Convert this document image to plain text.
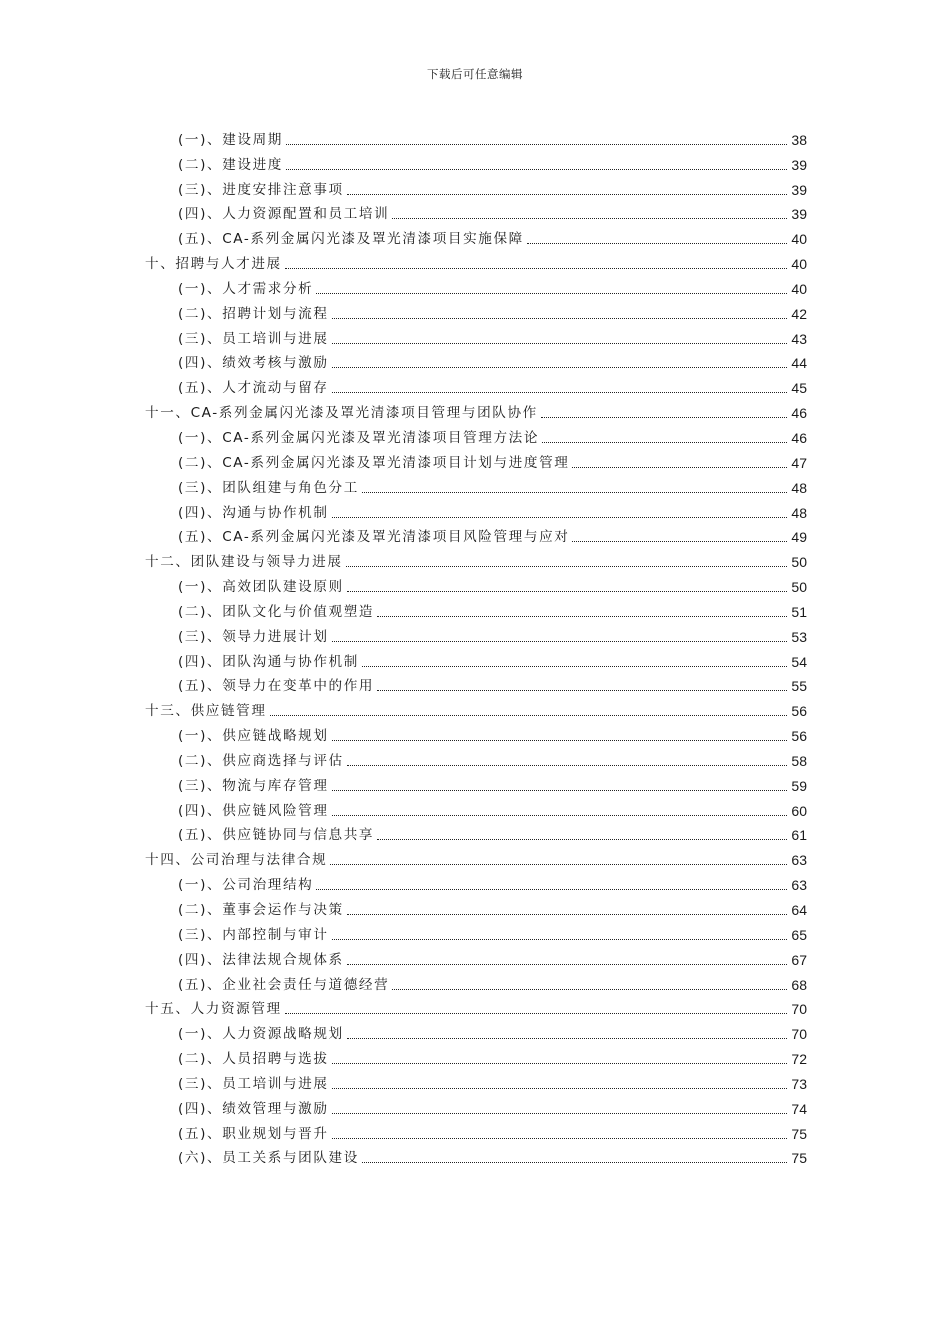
下载后可任意编辑
(一)、建设周期	38
(二)、建设进度	39
(三)、进度安排注意事项	39
(四)、人力资源配置和员工培训	39
(五)、CA-系列金属闪光漆及罩光清漆项目实施保障	40
十、招聘与人才进展	40
(一)、人才需求分析	40
(二)、招聘计划与流程	42
(三)、员工培训与进展	43
(四)、绩效考核与激励	44
(五)、人才流动与留存	45
十一、CA-系列金属闪光漆及罩光清漆项目管理与团队协作	46
(一)、CA-系列金属闪光漆及罩光清漆项目管理方法论	46
(二)、CA-系列金属闪光漆及罩光清漆项目计划与进度管理	47
(三)、团队组建与角色分工	48
(四)、沟通与协作机制	48
(五)、CA-系列金属闪光漆及罩光清漆项目风险管理与应对	49
十二、团队建设与领导力进展	50
(一)、高效团队建设原则	50
(二)、团队文化与价值观塑造	51
(三)、领导力进展计划	53
(四)、团队沟通与协作机制	54
(五)、领导力在变革中的作用	55
十三、供应链管理	56
(一)、供应链战略规划	56
(二)、供应商选择与评估	58
(三)、物流与库存管理	59
(四)、供应链风险管理	60
(五)、供应链协同与信息共享	61
十四、公司治理与法律合规	63
(一)、公司治理结构	63
(二)、董事会运作与决策	64
(三)、内部控制与审计	65
(四)、法律法规合规体系	67
(五)、企业社会责任与道德经营	68
十五、人力资源管理	70
(一)、人力资源战略规划	70
(二)、人员招聘与选拔	72
(三)、员工培训与进展	73
(四)、绩效管理与激励	74
(五)、职业规划与晋升	75
(六)、员工关系与团队建设	75
